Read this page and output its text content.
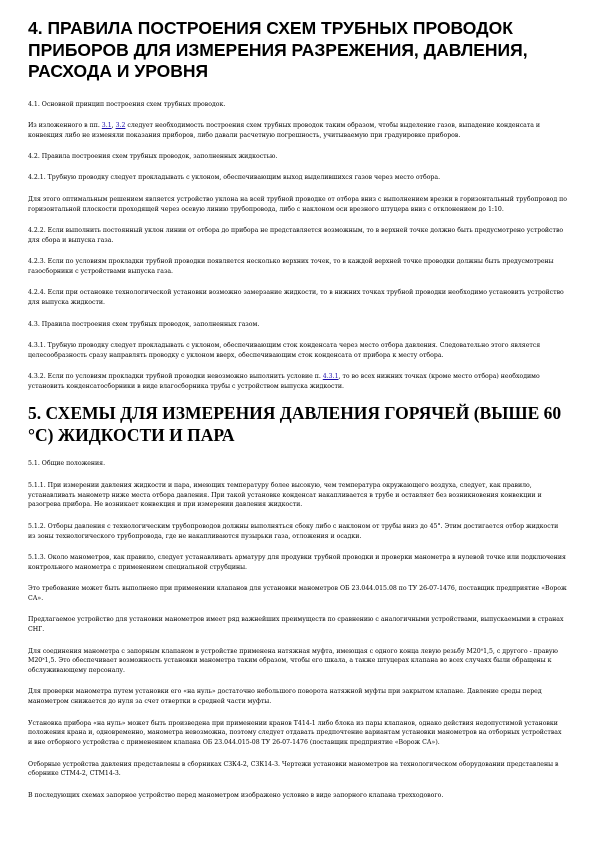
4. ПРАВИЛА ПОСТРОЕНИЯ СХЕМ ТРУБНЫХ ПРОВОДОК ПРИБОРОВ ДЛЯ ИЗМЕРЕНИЯ РАЗРЕЖЕНИЯ, ДАВЛЕНИЯ, РАСХОДА И УРОВНЯ
4.1. Основной принцип построения схем трубных проводок.
Из изложенного в пп. 3.1, 3.2 следует необходимость построения схем трубных проводок таким образом, чтобы выделение газов, выпадение конденсата и конвекция либо не изменяли показания приборов, либо давали расчетную погрешность, учитываемую при градуировке приборов.
4.2. Правила построения схем трубных проводок, заполненных жидкостью.
4.2.1. Трубную проводку следует прокладывать с уклоном, обеспечивающим выход выделившихся газов через место отбора.
Для этого оптимальным решением является устройство уклона на всей трубной проводке от отбора вниз с выполнением врезки в горизонтальный трубопровод по горизонтальной плоскости проходящей через осевую линию трубопровода, либо с наклоном оси врезного штуцера вниз с отклонением до 1:10.
4.2.2. Если выполнить постоянный уклон линии от отбора до прибора не представляется возможным, то в верхней точке должно быть предусмотрено устройство для сбора и выпуска газа.
4.2.3. Если по условиям прокладки трубной проводки появляется несколько верхних точек, то в каждой верхней точке проводки должны быть предусмотрены газосборники с устройствами выпуска газа.
4.2.4. Если при остановке технологической установки возможно замерзание жидкости, то в нижних точках трубной проводки необходимо установить устройство для выпуска жидкости.
4.3. Правила построения схем трубных проводок, заполненных газом.
4.3.1. Трубную проводку следует прокладывать с уклоном, обеспечивающим сток конденсата через место отбора давления. Следовательно этого является целесообразность сразу направлять проводку с уклоном вверх, обеспечивающим сток конденсата от прибора к месту отбора.
4.3.2. Если по условиям прокладки трубной проводки невозможно выполнить условие п. 4.3.1, то во всех нижних точках (кроме место отбора) необходимо установить конденсатосборники в виде влагосборника трубы с устройством выпуска жидкости.
5. СХЕМЫ ДЛЯ ИЗМЕРЕНИЯ ДАВЛЕНИЯ ГОРЯЧЕЙ (ВЫШЕ 60 °С) ЖИДКОСТИ И ПАРА
5.1. Общие положения.
5.1.1. При измерении давления жидкости и пара, имеющих температуру более высокую, чем температура окружающего воздуха, следует, как правило, устанавливать манометр ниже места отбора давления. При такой установке конденсат накапливается в трубе и оставляет без возникновения конвекции и разогрева прибора. Не возникает конвекция и при измерении давления жидкости.
5.1.2. Отборы давления с технологическим трубопроводов должны выполняться сбоку либо с наклоном от трубы вниз до 45°. Этим достигается отбор жидкости из зоны технологического трубопровода, где не накапливаются пузырьки газа, отложения и осадки.
5.1.3. Около манометров, как правило, следует устанавливать арматуру для продувки трубной проводки и проверки манометра в нулевой точке или подключения контрольного манометра с применением специальной струбцины.
Это требование может быть выполнено при применении клапанов для установки манометров ОБ 23.044.015.08 по ТУ 26-07-1476, поставщик предприятие «Ворож СА».
Предлагаемое устройство для установки манометров имеет ряд важнейших преимуществ по сравнению с аналогичными устройствами, выпускаемыми в странах СНГ.
Для соединения манометра с запорным клапаном в устройстве применена натяжная муфта, имеющая с одного конца левую резьбу М20˟1,5, с другого - правую М20˟1,5. Это обеспечивает возможность установки манометра таким образом, чтобы его шкала, а также штуцерах клапана во всех случаях были обращены к обслуживающему персоналу.
Для проверки манометра путем установки его «на нуль» достаточно небольшого поворота натяжной муфты при закрытом клапане. Давление среды перед манометром снижается до нуля за счет отвертки в средней части муфты.
Установка прибора «на нуль» может быть произведена при применении кранов Т414-1 либо блока из пары клапанов, однако действия недопустимой установки положения крана и, одновременно, манометра невозможна, поэтому следует отдавать предпочтение вариантам установки манометров на отборных устройствах и вне отборного устройства с применением клапана ОБ 23.044.015-08 ТУ 26-07-1476 (поставщик предприятие «Ворож СА»).
Отборные устройства давления представлены в сборниках СЗК4-2, СЗК14-3. Чертежи установки манометров на технологическом оборудовании представлены в сборнике СТМ4-2, СТМ14-3.
В последующих схемах запорное устройство перед манометром изображено условно в виде запорного клапана трехходового.
